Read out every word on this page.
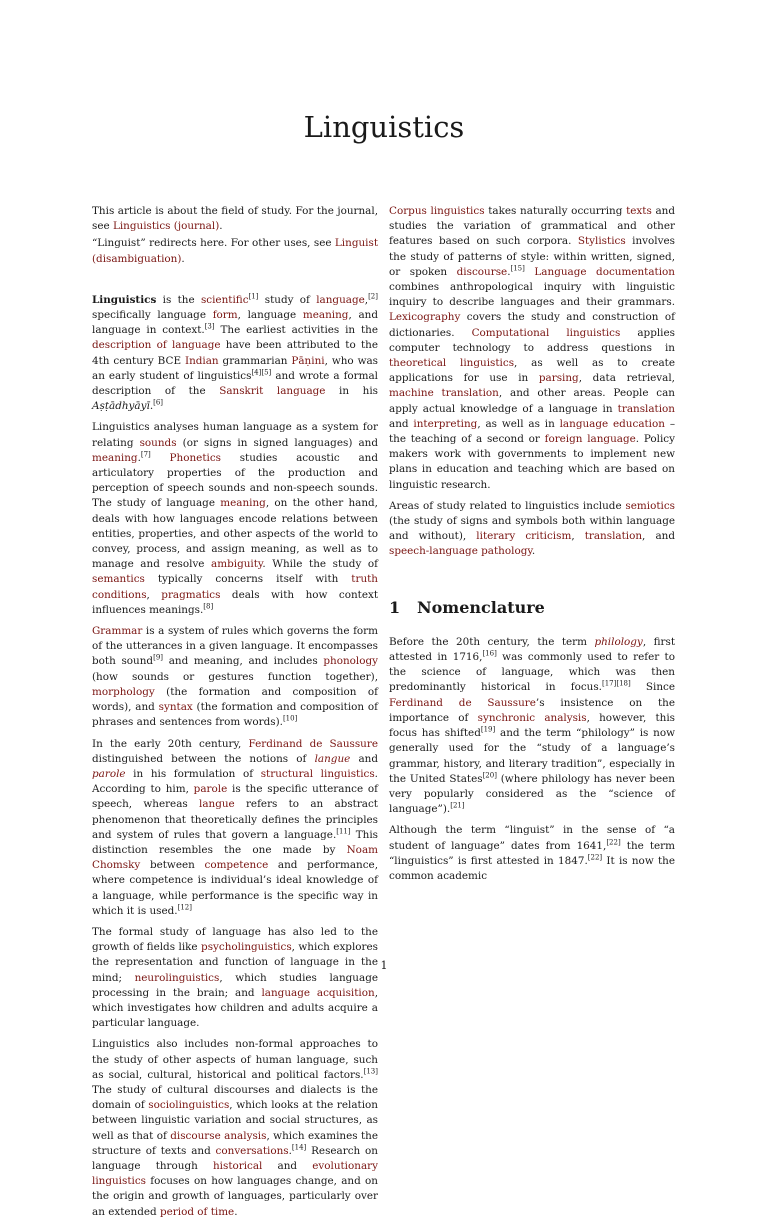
Linguistics

This article is about the field of study. For the journal, see Linguistics (journal).

“Linguist” redirects here. For other uses, see Linguist (disambiguation).

Linguistics is the scientific[1] study of language,[2] specifically language form, language meaning, and language in context.[3] The earliest activities in the description of language have been attributed to the 4th century BCE Indian grammarian Pāṇini, who was an early student of linguistics[4][5] and wrote a formal description of the Sanskrit language in his Aṣṭādhyāyī.[6]

Linguistics analyses human language as a system for relating sounds (or signs in signed languages) and meaning.[7] Phonetics studies acoustic and articulatory properties of the production and perception of speech sounds and non-speech sounds. The study of language meaning, on the other hand, deals with how languages encode relations between entities, properties, and other aspects of the world to convey, process, and assign meaning, as well as to manage and resolve ambiguity. While the study of semantics typically concerns itself with truth conditions, pragmatics deals with how context influences meanings.[8]

Grammar is a system of rules which governs the form of the utterances in a given language. It encompasses both sound[9] and meaning, and includes phonology (how sounds or gestures function together), morphology (the formation and composition of words), and syntax (the formation and composition of phrases and sentences from words).[10]

In the early 20th century, Ferdinand de Saussure distinguished between the notions of langue and parole in his formulation of structural linguistics. According to him, parole is the specific utterance of speech, whereas langue refers to an abstract phenomenon that theoretically defines the principles and system of rules that govern a language.[11] This distinction resembles the one made by Noam Chomsky between competence and performance, where competence is individual’s ideal knowledge of a language, while performance is the specific way in which it is used.[12]

The formal study of language has also led to the growth of fields like psycholinguistics, which explores the representation and function of language in the mind; neurolinguistics, which studies language processing in the brain; and language acquisition, which investigates how children and adults acquire a particular language.

Linguistics also includes non-formal approaches to the study of other aspects of human language, such as social, cultural, historical and political factors.[13] The study of cultural discourses and dialects is the domain of sociolinguistics, which looks at the relation between linguistic variation and social structures, as well as that of discourse analysis, which examines the structure of texts and conversations.[14] Research on language through historical and evolutionary linguistics focuses on how languages change, and on the origin and growth of languages, particularly over an extended period of time.

Corpus linguistics takes naturally occurring texts and studies the variation of grammatical and other features based on such corpora. Stylistics involves the study of patterns of style: within written, signed, or spoken discourse.[15] Language documentation combines anthropological inquiry with linguistic inquiry to describe languages and their grammars. Lexicography covers the study and construction of dictionaries. Computational linguistics applies computer technology to address questions in theoretical linguistics, as well as to create applications for use in parsing, data retrieval, machine translation, and other areas. People can apply actual knowledge of a language in translation and interpreting, as well as in language education – the teaching of a second or foreign language. Policy makers work with governments to implement new plans in education and teaching which are based on linguistic research.

Areas of study related to linguistics include semiotics (the study of signs and symbols both within language and without), literary criticism, translation, and speech-language pathology.

1 Nomenclature

Before the 20th century, the term philology, first attested in 1716,[16] was commonly used to refer to the science of language, which was then predominantly historical in focus.[17][18] Since Ferdinand de Saussure’s insistence on the importance of synchronic analysis, however, this focus has shifted[19] and the term “philology” is now generally used for the “study of a language’s grammar, history, and literary tradition”, especially in the United States[20] (where philology has never been very popularly considered as the “science of language”).[21]

Although the term “linguist” in the sense of “a student of language” dates from 1641,[22] the term “linguistics” is first attested in 1847.[22] It is now the common academic

1
